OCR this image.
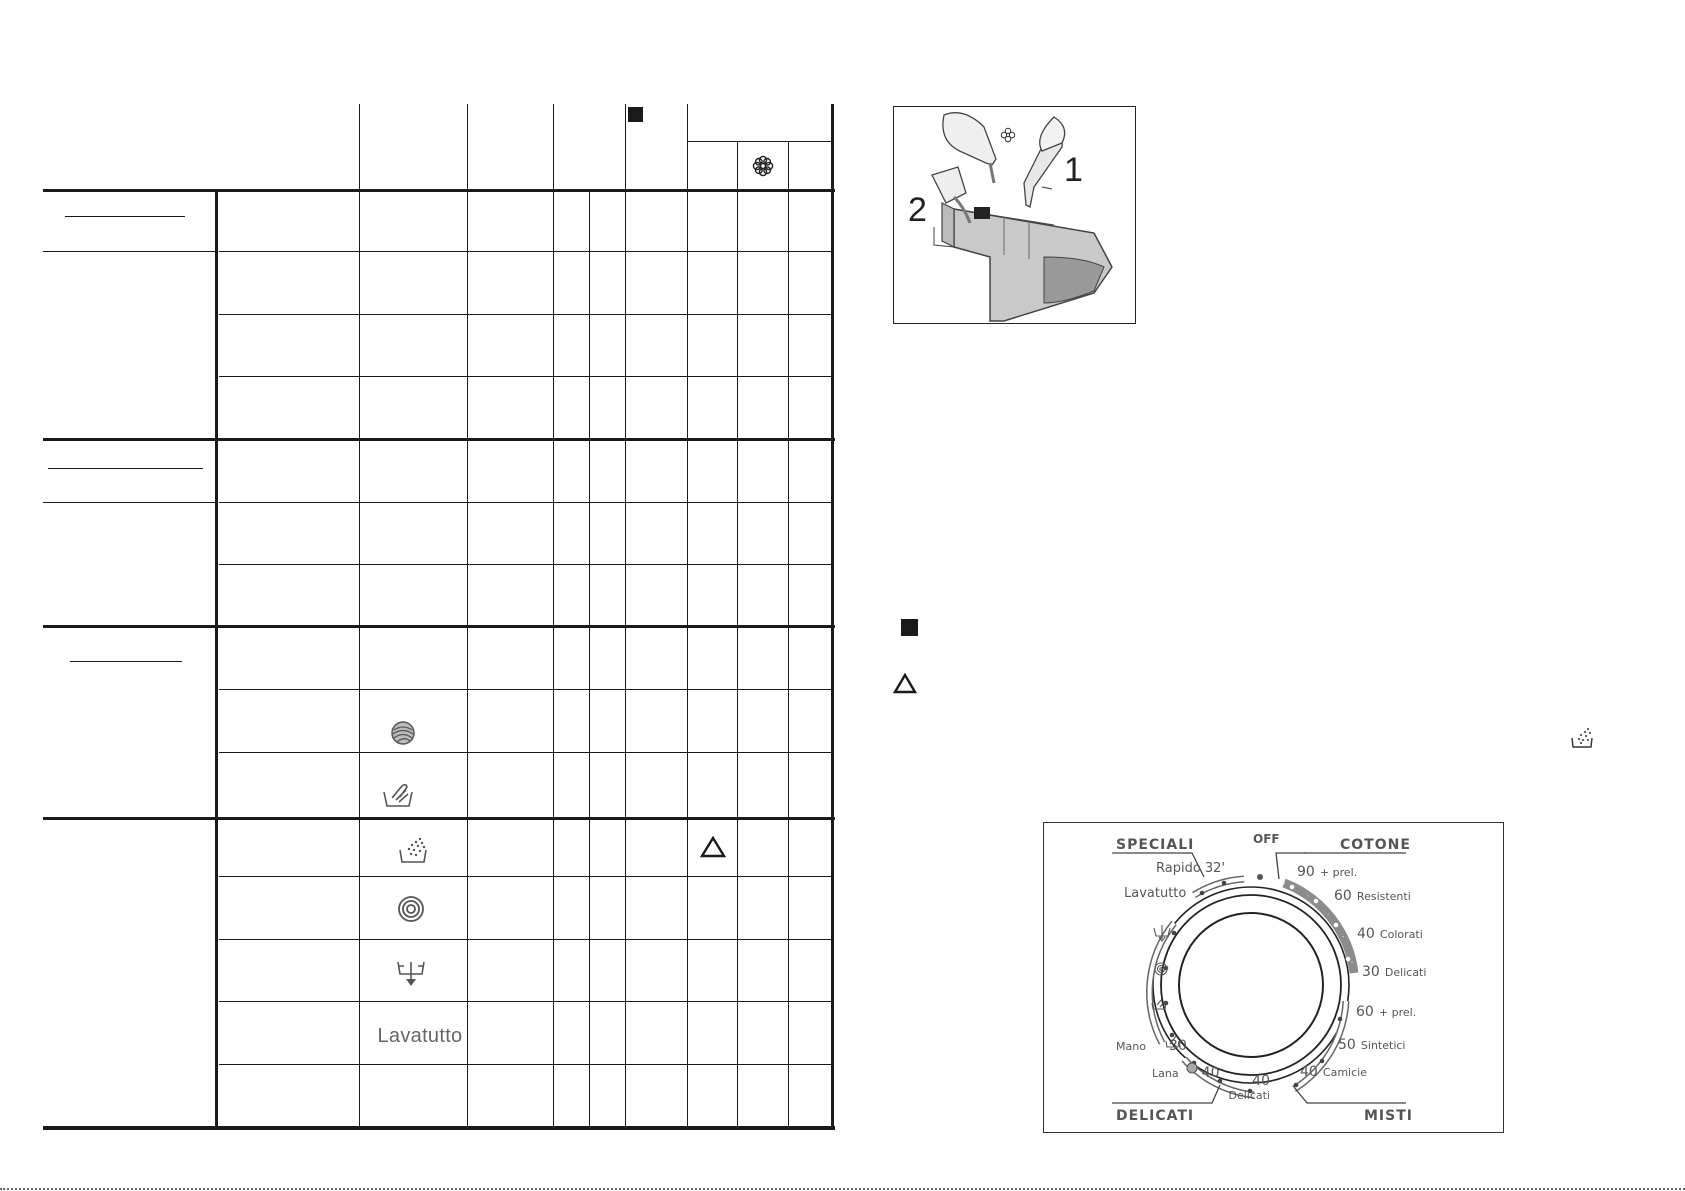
Lavatutto
1
2
SPECIALI	COTONE
DELICATI	MISTI
OFF
Rapido 32'
Lavatutto
90 + prel.
60 Resistenti
40 Colorati
30 Delicati
60 + prel.
50 Sintetici
40 Camicie
Mano 30
Lana 40	40
Delicati
